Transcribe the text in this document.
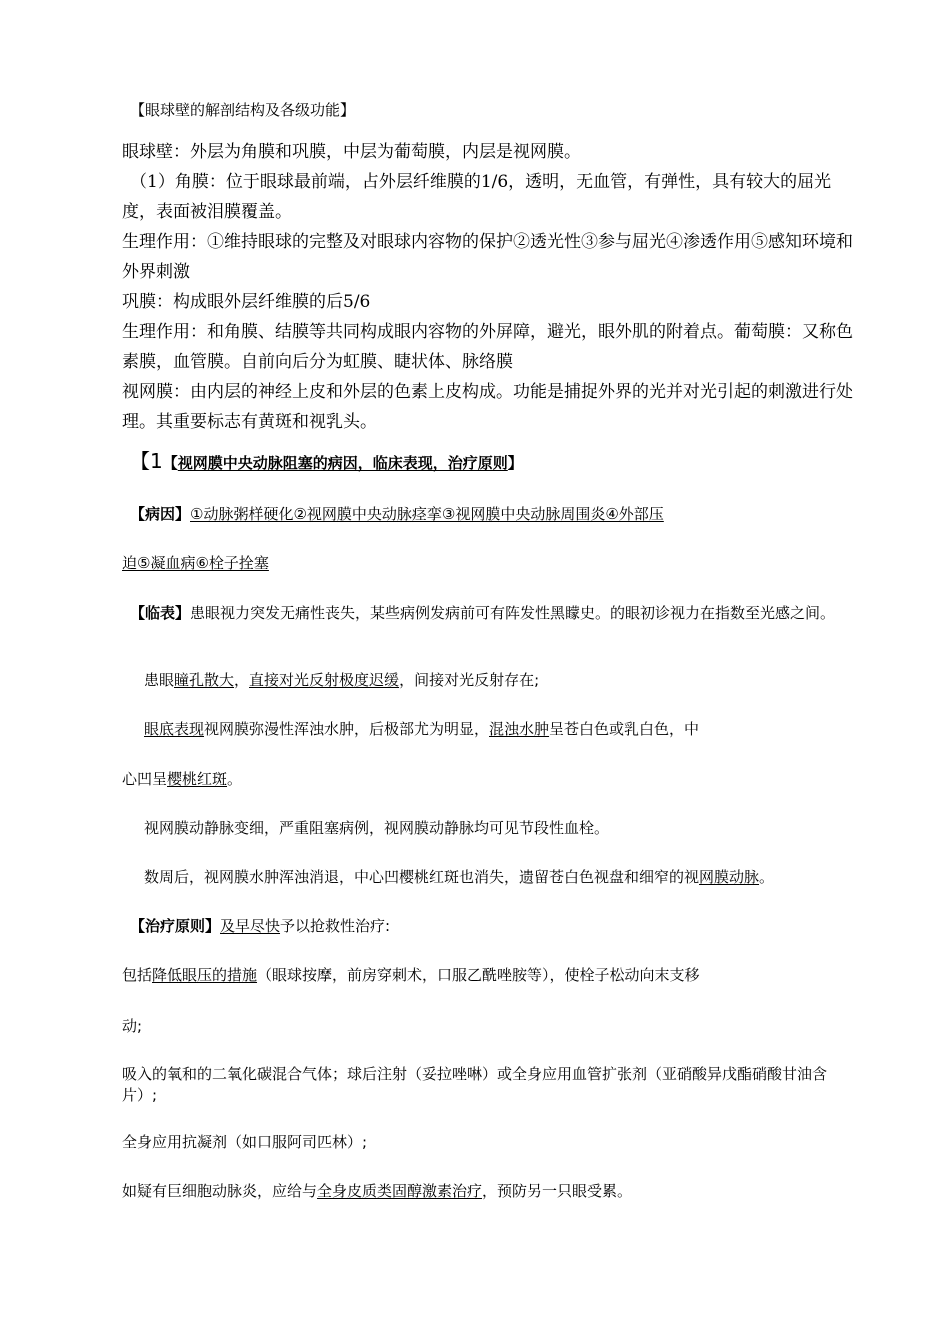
【眼球壁的解剖结构及各级功能】

眼球壁：外层为角膜和巩膜，中层为葡萄膜，内层是视网膜。

（1）角膜：位于眼球最前端，占外层纤维膜的1/6，透明，无血管，有弹性，具有较大的屈光度，表面被泪膜覆盖。

生理作用：①维持眼球的完整及对眼球内容物的保护②透光性③参与屈光④渗透作用⑤感知环境和外界刺激

巩膜：构成眼外层纤维膜的后5/6

生理作用：和角膜、结膜等共同构成眼内容物的外屏障，避光，眼外肌的附着点。葡萄膜：又称色素膜，血管膜。自前向后分为虹膜、睫状体、脉络膜

视网膜：由内层的神经上皮和外层的色素上皮构成。功能是捕捉外界的光并对光引起的刺激进行处理。其重要标志有黄斑和视乳头。

【1【视网膜中央动脉阻塞的病因，临床表现，治疗原则】

【病因】①动脉粥样硬化②视网膜中央动脉痉挛③视网膜中央动脉周围炎④外部压

迫⑤凝血病⑥栓子拴塞

【临表】患眼视力突发无痛性丧失，某些病例发病前可有阵发性黑矇史。的眼初诊视力在指数至光感之间。

患眼瞳孔散大，直接对光反射极度迟缓，间接对光反射存在;

眼底表现视网膜弥漫性浑浊水肿，后极部尤为明显，混浊水肿呈苍白色或乳白色，中

心凹呈樱桃红斑。

视网膜动静脉变细，严重阻塞病例，视网膜动静脉均可见节段性血栓。

数周后，视网膜水肿浑浊消退，中心凹樱桃红斑也消失，遗留苍白色视盘和细窄的视网膜动脉。

【治疗原则】及早尽快予以抢救性治疗:

包括降低眼压的措施（眼球按摩，前房穿刺术，口服乙酰唑胺等），使栓子松动向末支移

动;

吸入的氧和的二氧化碳混合气体；球后注射（妥拉唑啉）或全身应用血管扩张剂（亚硝酸异戊酯硝酸甘油含片）;

全身应用抗凝剂（如口服阿司匹林）;

如疑有巨细胞动脉炎，应给与全身皮质类固醇激素治疗，预防另一只眼受累。
